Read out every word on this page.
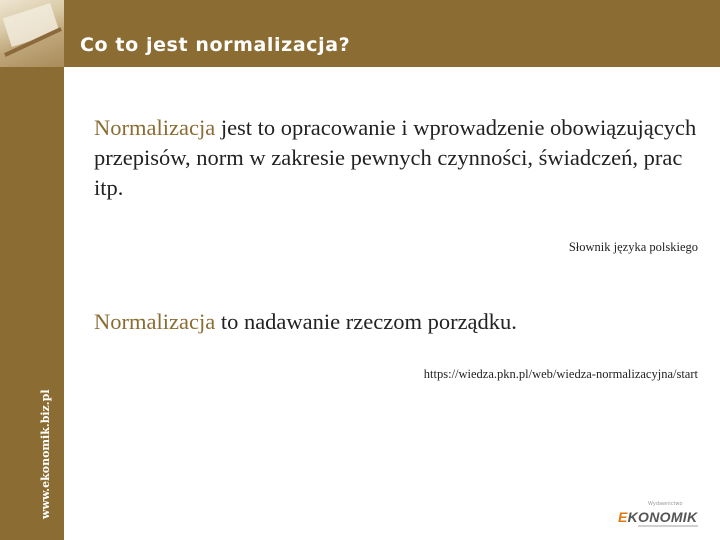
Co to jest normalizacja?
www.ekonomik.biz.pl
Normalizacja jest to opracowanie i wprowadzenie obowiązujących przepisów, norm w zakresie pewnych czynności, świadczeń, prac itp.
Słownik języka polskiego
Normalizacja to nadawanie rzeczom porządku.
https://wiedza.pkn.pl/web/wiedza-normalizacyjna/start
Wydawnictwo
EKONOMIK
